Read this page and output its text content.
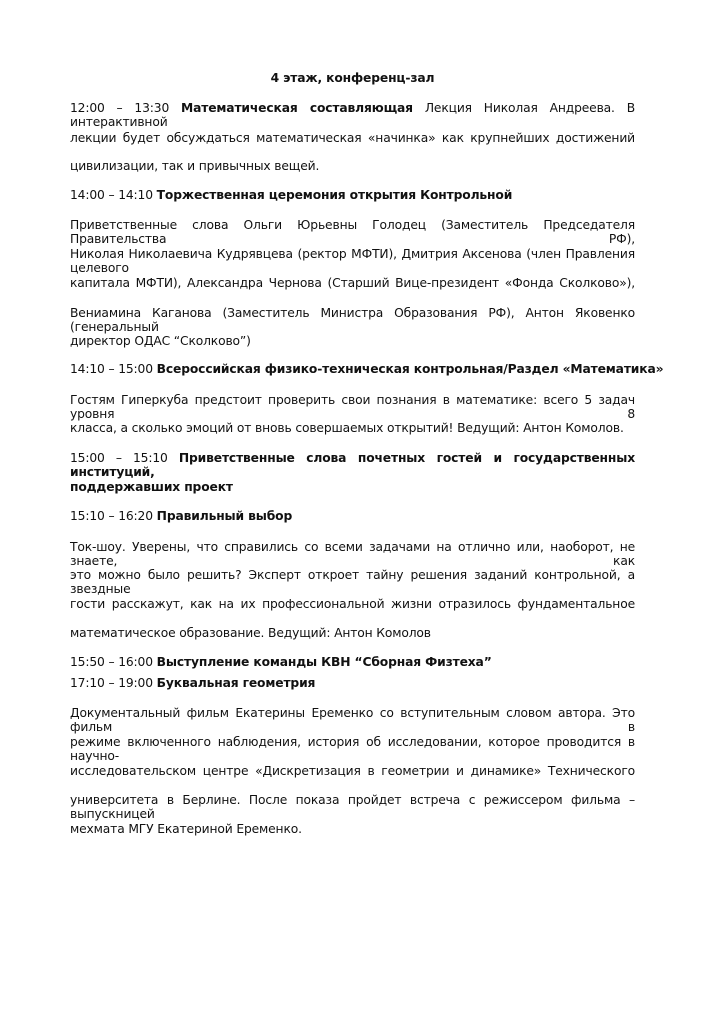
4 этаж, конференц-зал
12:00 – 13:30 Математическая составляющая Лекция Николая Андреева. В интерактивной
лекции будет обсуждаться математическая «начинка» как крупнейших достижений
цивилизации, так и привычных вещей.
14:00 – 14:10 Торжественная церемония открытия Контрольной
Приветственные слова Ольги Юрьевны Голодец (Заместитель Председателя Правительства РФ),
Николая Николаевича Кудрявцева (ректор МФТИ), Дмитрия Аксенова (член Правления целевого
капитала МФТИ), Александра Чернова (Старший Вице-президент «Фонда Сколково»),
Вениамина Каганова (Заместитель Министра Образования РФ), Антон Яковенко (генеральный
директор ОДАС “Сколково”)
14:10 – 15:00 Всероссийская физико-техническая контрольная/Раздел «Математика»
Гостям Гиперкуба предстоит проверить свои познания в математике: всего 5 задач уровня 8
класса, а сколько эмоций от вновь совершаемых открытий! Ведущий: Антон Комолов.
15:00 – 15:10 Приветственные слова почетных гостей и государственных институций,
поддержавших проект
15:10 – 16:20 Правильный выбор
Ток-шоу. Уверены, что справились со всеми задачами на отлично или, наоборот, не знаете, как
это можно было решить? Эксперт откроет тайну решения заданий контрольной, а звездные
гости расскажут, как на их профессиональной жизни отразилось фундаментальное
математическое образование. Ведущий: Антон Комолов
15:50 – 16:00 Выступление команды КВН “Сборная Физтеха”
17:10 – 19:00 Буквальная геометрия
Документальный фильм Екатерины Еременко со вступительным словом автора. Это фильм в
режиме включенного наблюдения, история об исследовании, которое проводится в научно-
исследовательском центре «Дискретизация в геометрии и динамике» Технического
университета в Берлине. После показа пройдет встреча с режиссером фильма – выпускницей
мехмата МГУ Екатериной Еременко.
